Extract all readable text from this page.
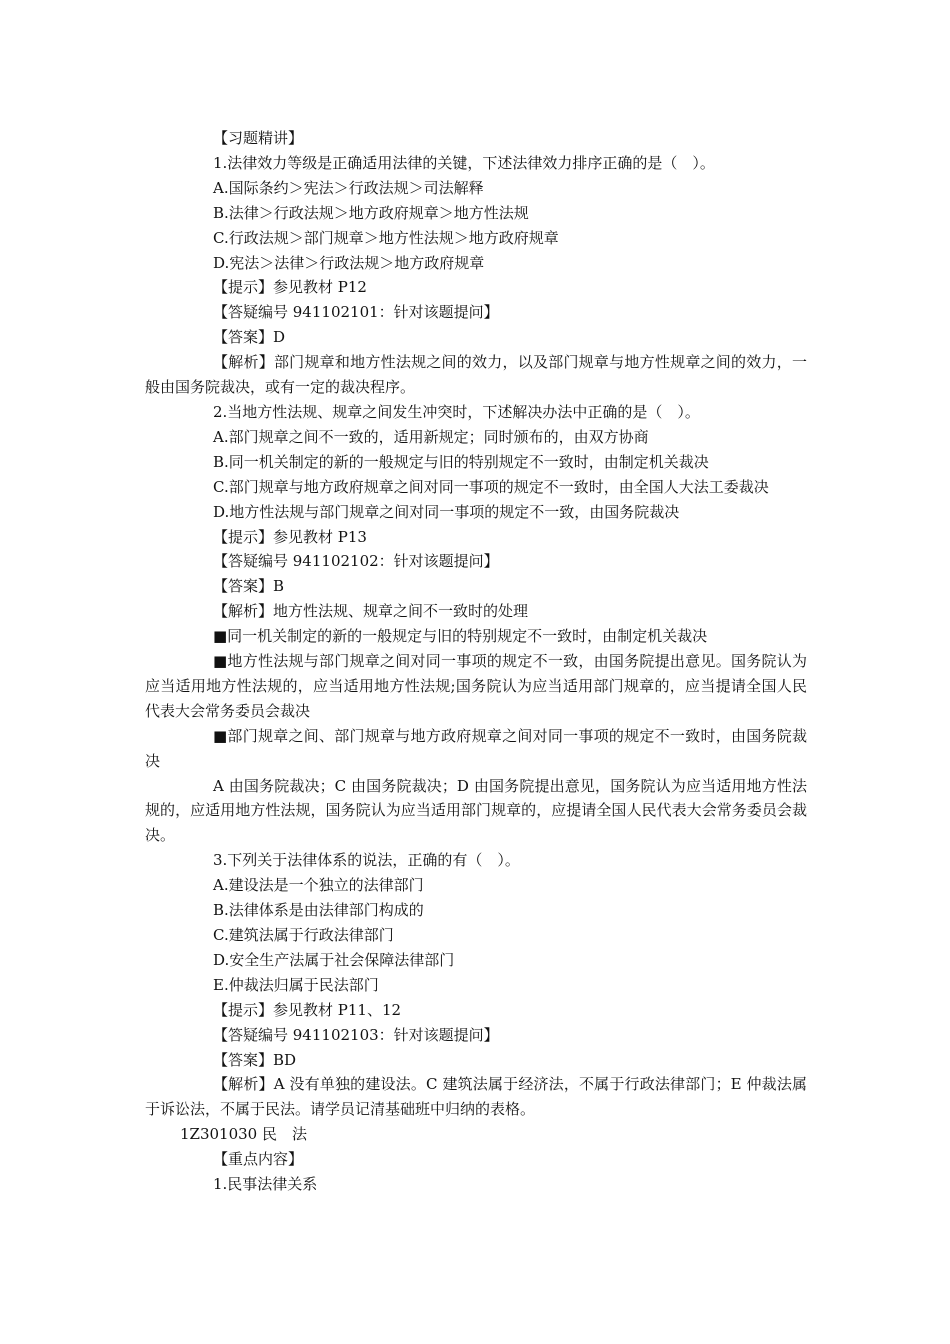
【习题精讲】

1.法律效力等级是正确适用法律的关键，下述法律效力排序正确的是（　）。

A.国际条约＞宪法＞行政法规＞司法解释

B.法律＞行政法规＞地方政府规章＞地方性法规

C.行政法规＞部门规章＞地方性法规＞地方政府规章

D.宪法＞法律＞行政法规＞地方政府规章

【提示】参见教材 P12

【答疑编号 941102101：针对该题提问】

【答案】D

【解析】部门规章和地方性法规之间的效力，以及部门规章与地方性规章之间的效力，一般由国务院裁决，或有一定的裁决程序。

2.当地方性法规、规章之间发生冲突时，下述解决办法中正确的是（　）。

A.部门规章之间不一致的，适用新规定；同时颁布的，由双方协商

B.同一机关制定的新的一般规定与旧的特别规定不一致时，由制定机关裁决

C.部门规章与地方政府规章之间对同一事项的规定不一致时，由全国人大法工委裁决

D.地方性法规与部门规章之间对同一事项的规定不一致，由国务院裁决

【提示】参见教材 P13

【答疑编号 941102102：针对该题提问】

【答案】B

【解析】地方性法规、规章之间不一致时的处理

■同一机关制定的新的一般规定与旧的特别规定不一致时，由制定机关裁决

■地方性法规与部门规章之间对同一事项的规定不一致，由国务院提出意见。国务院认为应当适用地方性法规的，应当适用地方性法规;国务院认为应当适用部门规章的，应当提请全国人民代表大会常务委员会裁决

■部门规章之间、部门规章与地方政府规章之间对同一事项的规定不一致时，由国务院裁决

A 由国务院裁决；C 由国务院裁决；D 由国务院提出意见，国务院认为应当适用地方性法规的，应适用地方性法规，国务院认为应当适用部门规章的，应提请全国人民代表大会常务委员会裁决。

3.下列关于法律体系的说法，正确的有（　）。

A.建设法是一个独立的法律部门

B.法律体系是由法律部门构成的

C.建筑法属于行政法律部门

D.安全生产法属于社会保障法律部门

E.仲裁法归属于民法部门

【提示】参见教材 P11、12

【答疑编号 941102103：针对该题提问】

【答案】BD

【解析】A 没有单独的建设法。C 建筑法属于经济法，不属于行政法律部门；E 仲裁法属于诉讼法，不属于民法。请学员记清基础班中归纳的表格。

1Z301030 民　法

【重点内容】

1.民事法律关系
